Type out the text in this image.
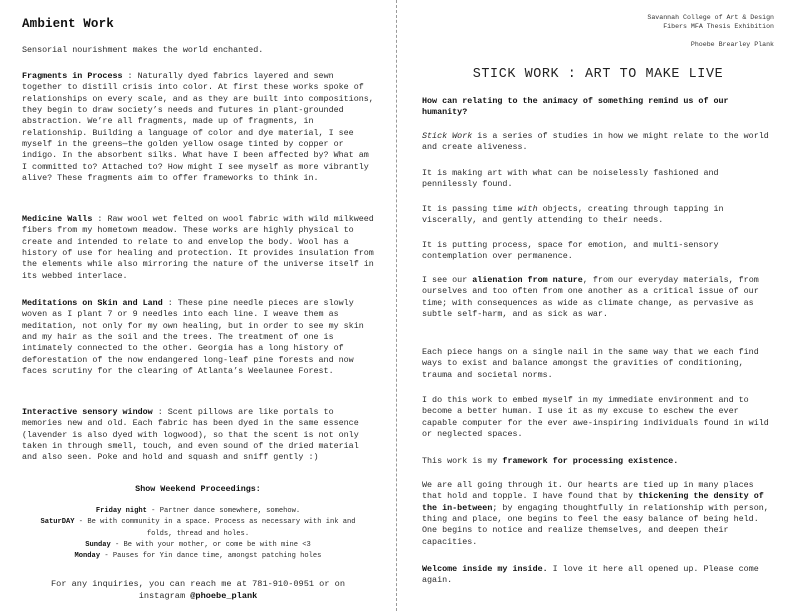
Ambient Work

Sensorial nourishment makes the world enchanted.

Fragments in Process : Naturally dyed fabrics layered and sewn together to distill crisis into color. At first these works spoke of relationships on every scale, and as they are built into compositions, they begin to draw society’s needs and futures in plant-grounded abstraction. We’re all fragments, made up of fragments, in relationship. Building a language of color and dye material, I see myself in the greens—the golden yellow osage tinted by copper or indigo. In the absorbent silks. What have I been affected by? What am I committed to? Attached to? How might I see myself as more vibrantly alive? These fragments aim to offer frameworks to think in.

Medicine Walls : Raw wool wet felted on wool fabric with wild milkweed fibers from my hometown meadow. These works are highly physical to create and intended to relate to and envelop the body. Wool has a history of use for healing and protection. It provides insulation from the elements while also mirroring the nature of the universe itself in its webbed interlace.

Meditations on Skin and Land : These pine needle pieces are slowly woven as I plant 7 or 9 needles into each line. I weave them as meditation, not only for my own healing, but in order to see my skin and my hair as the soil and the trees. The treatment of one is intimately connected to the other. Georgia has a long history of deforestation of the now endangered long-leaf pine forests and now faces scrutiny for the clearing of Atlanta’s Weelaunee Forest.

Interactive sensory window : Scent pillows are like portals to memories new and old. Each fabric has been dyed in the same essence (lavender is also dyed with logwood), so that the scent is not only taken in through smell, touch, and even sound of the dried material and also seen. Poke and hold and squash and sniff gently :)

Show Weekend Proceedings:

Friday night - Partner dance somewhere, somehow.

SaturDAY - Be with community in a space. Process as necessary with ink and folds, thread and holes.

Sunday - Be with your mother, or come be with mine <3

Monday - Pauses for Yin dance time, amongst patching holes

For any inquiries, you can reach me at 781-910-0951 or on instagram @phoebe_plank

Savannah College of Art & Design
Fibers MFA Thesis Exhibition
Phoebe Brearley Plank
STICK WORK : ART TO MAKE LIVE

How can relating to the animacy of something remind us of our humanity?

Stick Work is a series of studies in how we might relate to the world and create aliveness.

It is making art with what can be noiselessly fashioned and pennilessly found.

It is passing time with objects, creating through tapping in viscerally, and gently attending to their needs.

It is putting process, space for emotion, and multi-sensory contemplation over permanence.

I see our alienation from nature, from our everyday materials, from ourselves and too often from one another as a critical issue of our time; with consequences as wide as climate change, as pervasive as subtle self-harm, and as sick as war.

Each piece hangs on a single nail in the same way that we each find ways to exist and balance amongst the gravities of conditioning, trauma and societal norms.

I do this work to embed myself in my immediate environment and to become a better human. I use it as my excuse to eschew the ever capable computer for the ever awe-inspiring individuals found in wild or neglected spaces.

This work is my framework for processing existence.

We are all going through it. Our hearts are tied up in many places that hold and topple. I have found that by thickening the density of the in-between; by engaging thoughtfully in relationship with person, thing and place, one begins to feel the easy balance of being held. One begins to notice and realize themselves, and deepen their capacities.

Welcome inside my inside. I love it here all opened up. Please come again.
